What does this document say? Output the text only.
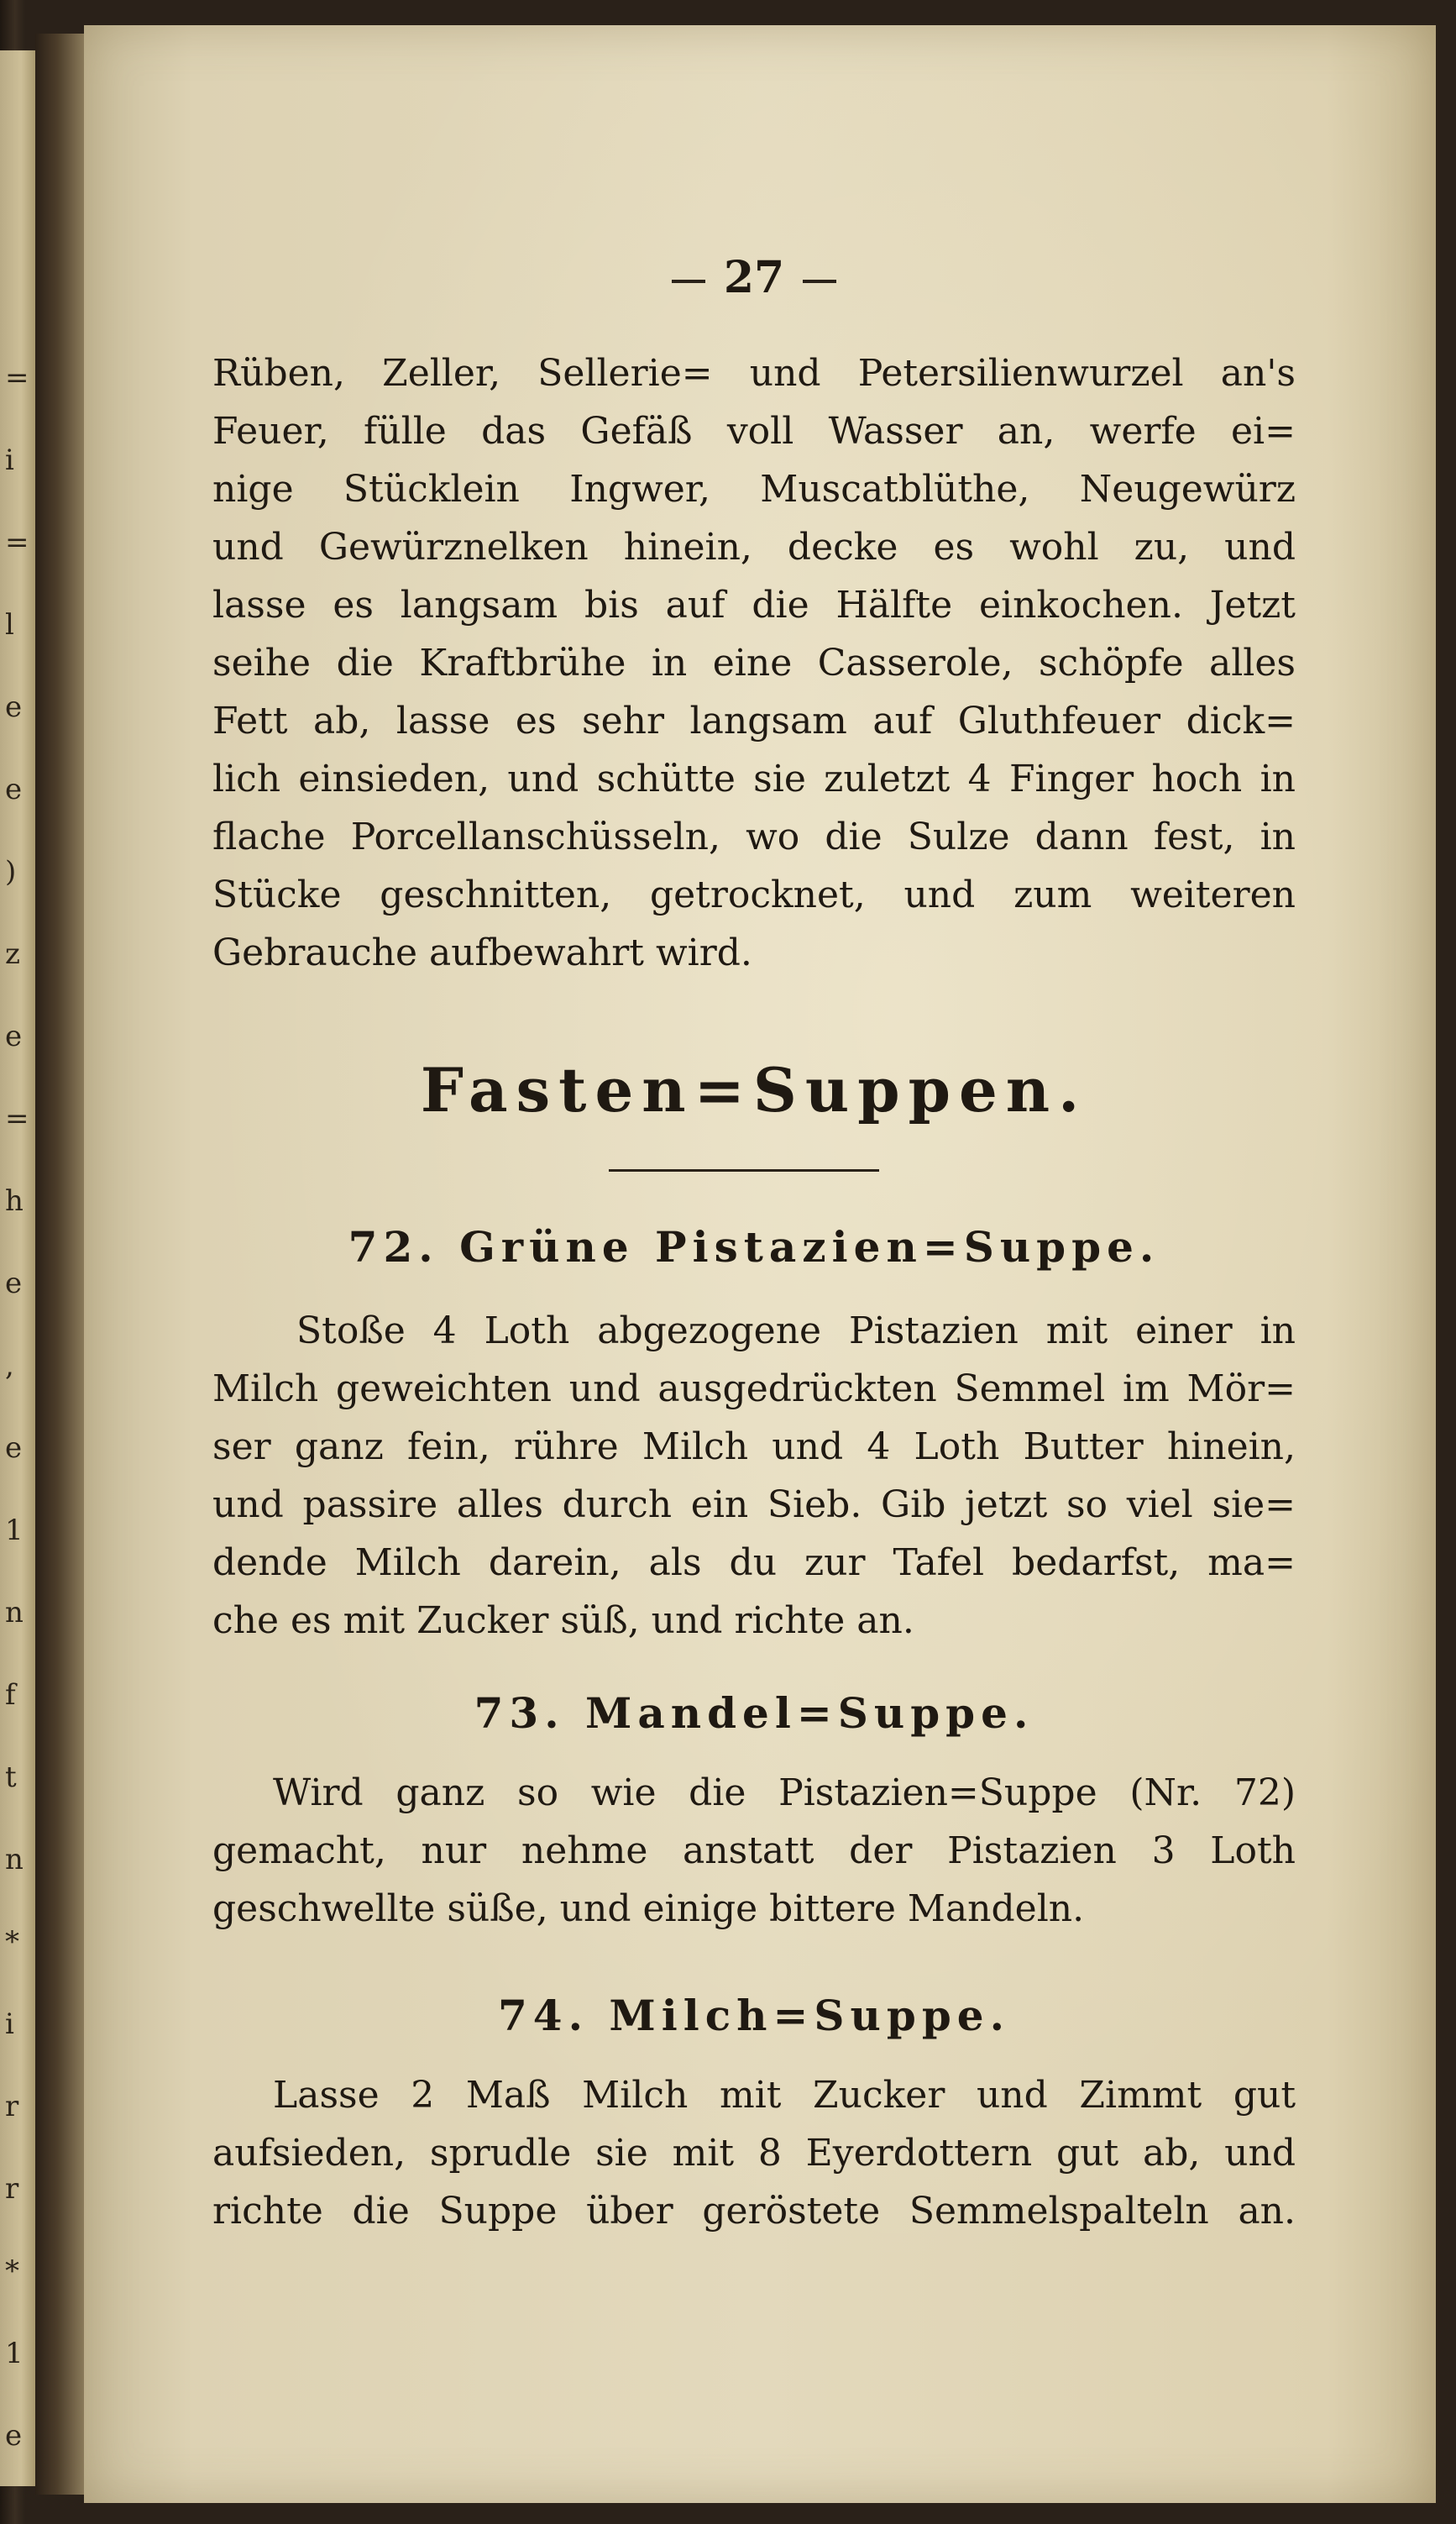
=
i
=
l
e
e
)
z
e
=
h
e
,
e
1
n
f
t
n
*
i
r
r
*
1
e
27
Rüben, Zeller, Sellerie= und Petersilienwurzel an's
Feuer, fülle das Gefäß voll Wasser an, werfe ei=
nige Stücklein Ingwer, Muscatblüthe, Neugewürz
und Gewürznelken hinein, decke es wohl zu, und
lasse es langsam bis auf die Hälfte einkochen. Jetzt
seihe die Kraftbrühe in eine Casserole, schöpfe alles
Fett ab, lasse es sehr langsam auf Gluthfeuer dick=
lich einsieden, und schütte sie zuletzt 4 Finger hoch in
flache Porcellanschüsseln, wo die Sulze dann fest, in
Stücke geschnitten, getrocknet, und zum weiteren
Gebrauche aufbewahrt wird.
Fasten=Suppen.
72. Grüne Pistazien=Suppe.
Stoße 4 Loth abgezogene Pistazien mit einer in
Milch geweichten und ausgedrückten Semmel im Mör=
ser ganz fein, rühre Milch und 4 Loth Butter hinein,
und passire alles durch ein Sieb. Gib jetzt so viel sie=
dende Milch darein, als du zur Tafel bedarfst, ma=
che es mit Zucker süß, und richte an.
73. Mandel=Suppe.
Wird ganz so wie die Pistazien=Suppe (Nr. 72)
gemacht, nur nehme anstatt der Pistazien 3 Loth
geschwellte süße, und einige bittere Mandeln.
74. Milch=Suppe.
Lasse 2 Maß Milch mit Zucker und Zimmt gut
aufsieden, sprudle sie mit 8 Eyerdottern gut ab, und
richte die Suppe über geröstete Semmelspalteln an.
